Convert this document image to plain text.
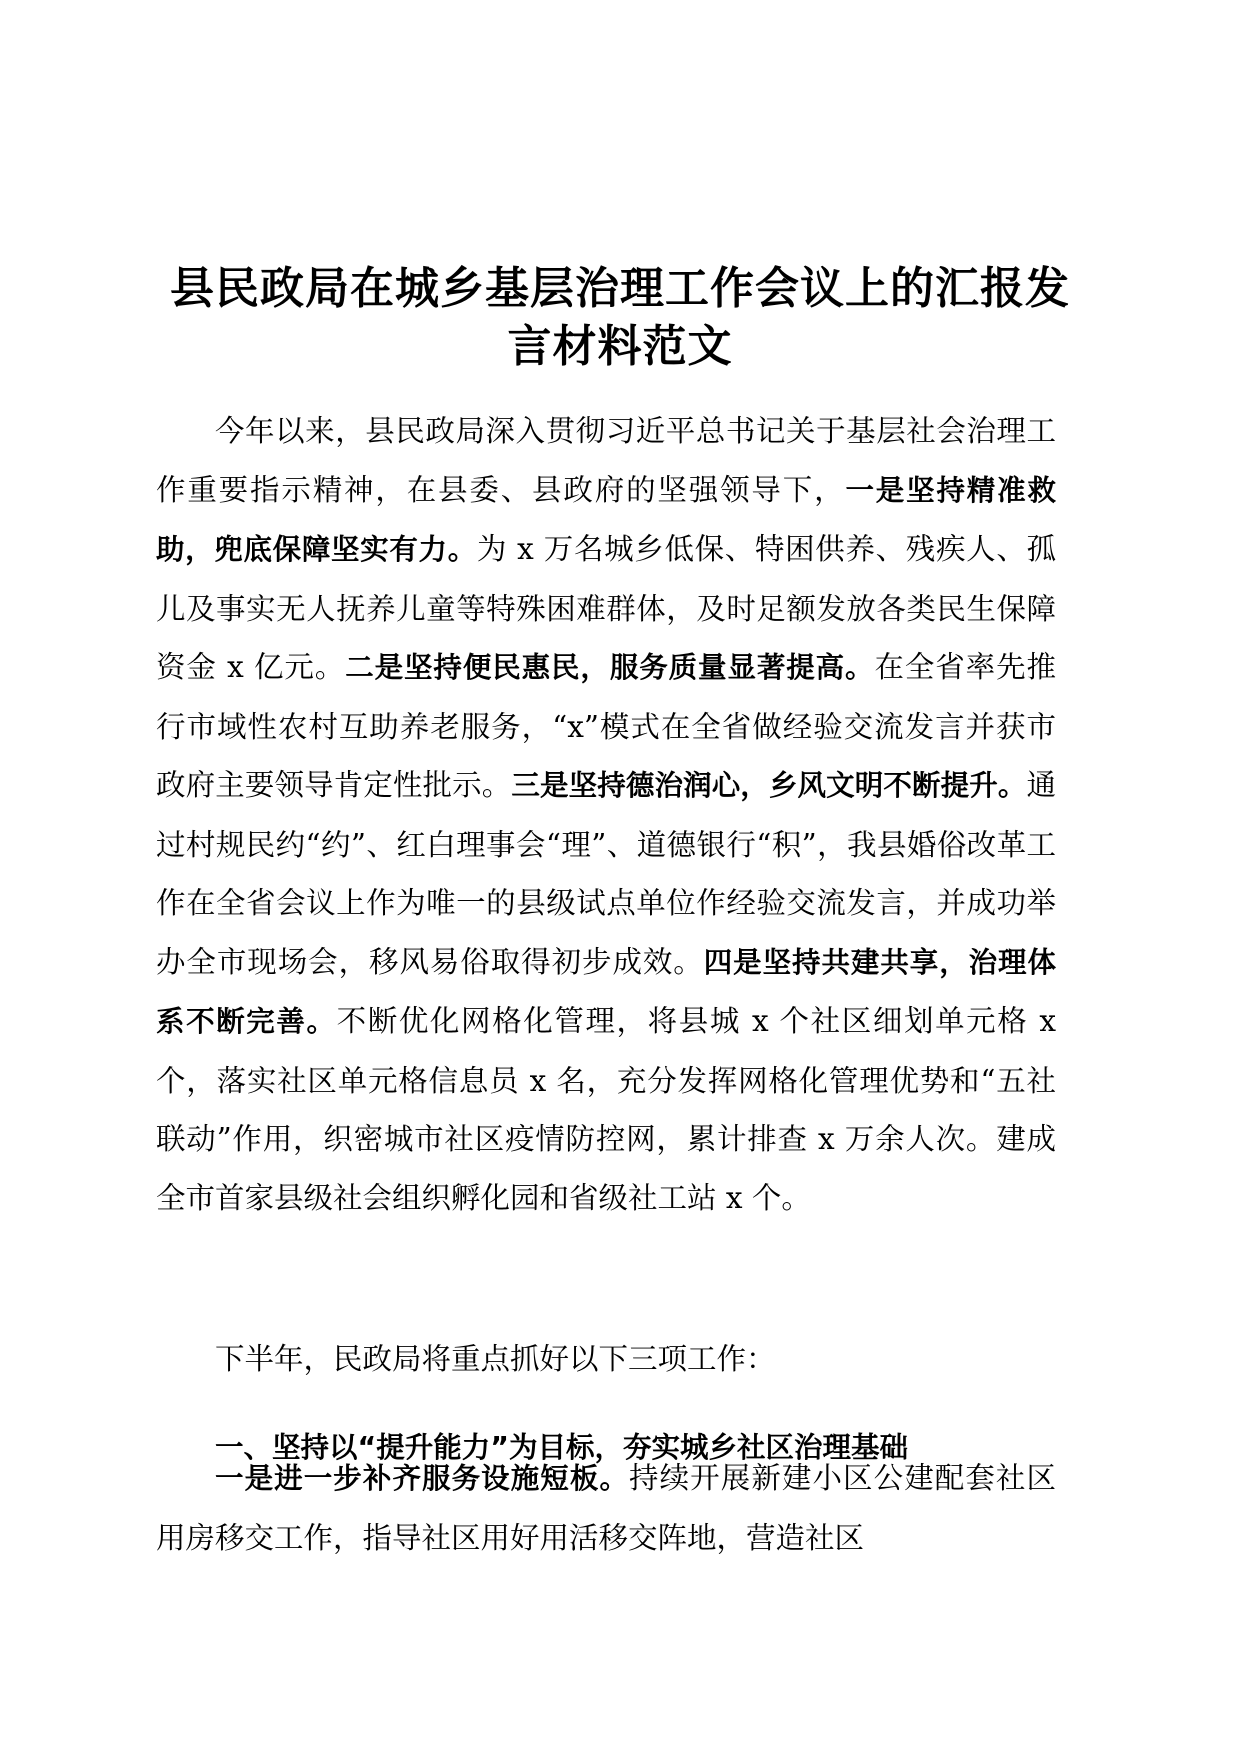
县民政局在城乡基层治理工作会议上的汇报发
言材料范文

今年以来，县民政局深入贯彻习近平总书记关于基层社会治理工作重要指示精神，在县委、县政府的坚强领导下，一是坚持精准救助，兜底保障坚实有力。为 x 万名城乡低保、特困供养、残疾人、孤儿及事实无人抚养儿童等特殊困难群体，及时足额发放各类民生保障资金 x 亿元。二是坚持便民惠民，服务质量显著提高。在全省率先推行市域性农村互助养老服务，“x”模式在全省做经验交流发言并获市政府主要领导肯定性批示。三是坚持德治润心，乡风文明不断提升。通过村规民约“约”、红白理事会“理”、道德银行“积”，我县婚俗改革工作在全省会议上作为唯一的县级试点单位作经验交流发言，并成功举办全市现场会，移风易俗取得初步成效。四是坚持共建共享，治理体系不断完善。不断优化网格化管理，将县城 x 个社区细划单元格 x 个，落实社区单元格信息员 x 名，充分发挥网格化管理优势和“五社联动”作用，织密城市社区疫情防控网，累计排查 x 万余人次。建成全市首家县级社会组织孵化园和省级社工站 x 个。

下半年，民政局将重点抓好以下三项工作：

一、坚持以“提升能力”为目标，夯实城乡社区治理基础

一是进一步补齐服务设施短板。持续开展新建小区公建配套社区用房移交工作，指导社区用好用活移交阵地，营造社区
